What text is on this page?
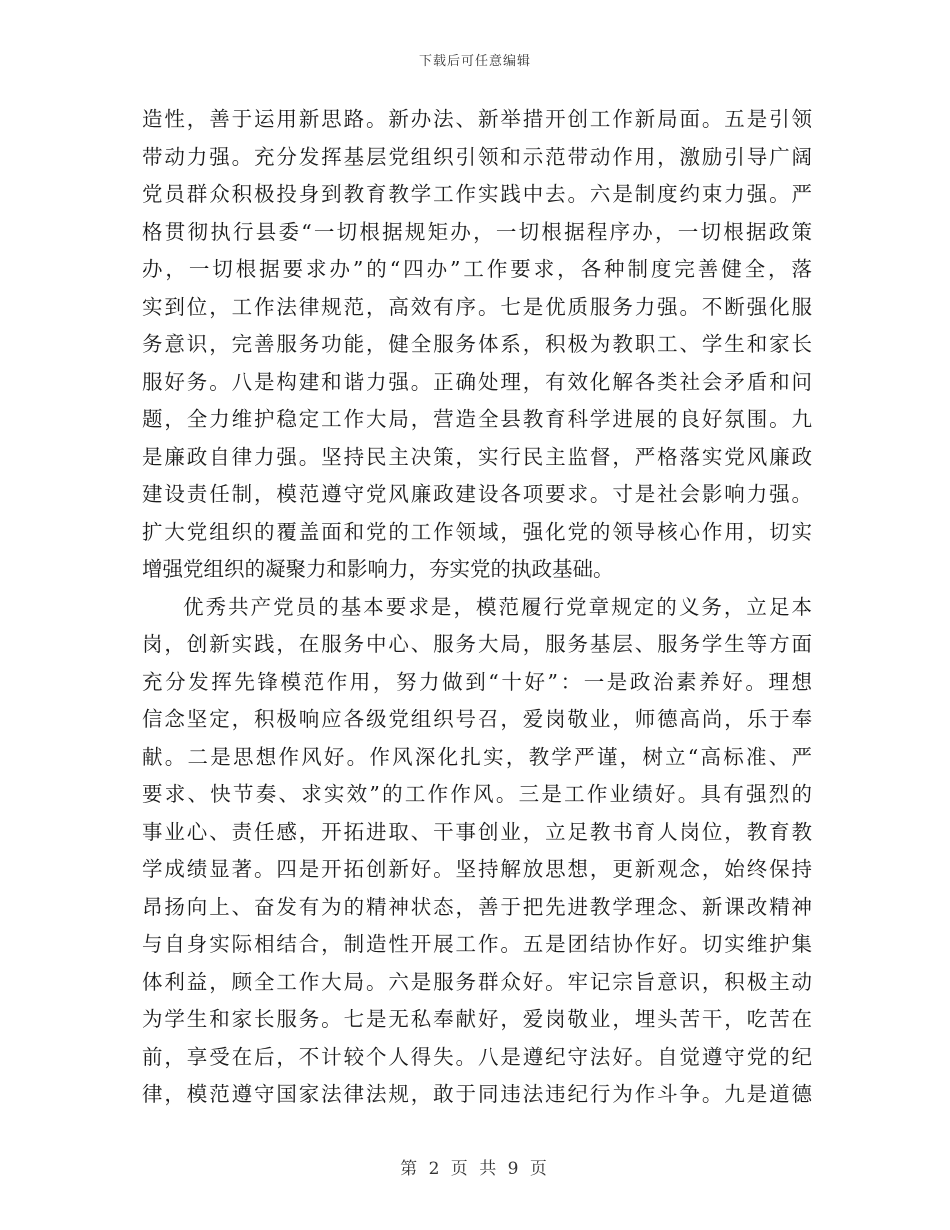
下载后可任意编辑
造性，善于运用新思路。新办法、新举措开创工作新局面。五是引领
带动力强。充分发挥基层党组织引领和示范带动作用，激励引导广阔
党员群众积极投身到教育教学工作实践中去。六是制度约束力强。严
格贯彻执行县委“一切根据规矩办，一切根据程序办，一切根据政策
办，一切根据要求办”的“四办”工作要求，各种制度完善健全，落
实到位，工作法律规范，高效有序。七是优质服务力强。不断强化服
务意识，完善服务功能，健全服务体系，积极为教职工、学生和家长
服好务。八是构建和谐力强。正确处理，有效化解各类社会矛盾和问
题，全力维护稳定工作大局，营造全县教育科学进展的良好氛围。九
是廉政自律力强。坚持民主决策，实行民主监督，严格落实党风廉政
建设责任制，模范遵守党风廉政建设各项要求。寸是社会影响力强。
扩大党组织的覆盖面和党的工作领域，强化党的领导核心作用，切实
增强党组织的凝聚力和影响力，夯实党的执政基础。
优秀共产党员的基本要求是，模范履行党章规定的义务，立足本
岗，创新实践，在服务中心、服务大局，服务基层、服务学生等方面
充分发挥先锋模范作用，努力做到“十好”：一是政治素养好。理想
信念坚定，积极响应各级党组织号召，爱岗敬业，师德高尚，乐于奉
献。二是思想作风好。作风深化扎实，教学严谨，树立“高标准、严
要求、快节奏、求实效”的工作作风。三是工作业绩好。具有强烈的
事业心、责任感，开拓进取、干事创业，立足教书育人岗位，教育教
学成绩显著。四是开拓创新好。坚持解放思想，更新观念，始终保持
昂扬向上、奋发有为的精神状态，善于把先进教学理念、新课改精神
与自身实际相结合，制造性开展工作。五是团结协作好。切实维护集
体利益，顾全工作大局。六是服务群众好。牢记宗旨意识，积极主动
为学生和家长服务。七是无私奉献好，爱岗敬业，埋头苦干，吃苦在
前，享受在后，不计较个人得失。八是遵纪守法好。自觉遵守党的纪
律，模范遵守国家法律法规，敢于同违法违纪行为作斗争。九是道德
第 2 页 共 9 页
